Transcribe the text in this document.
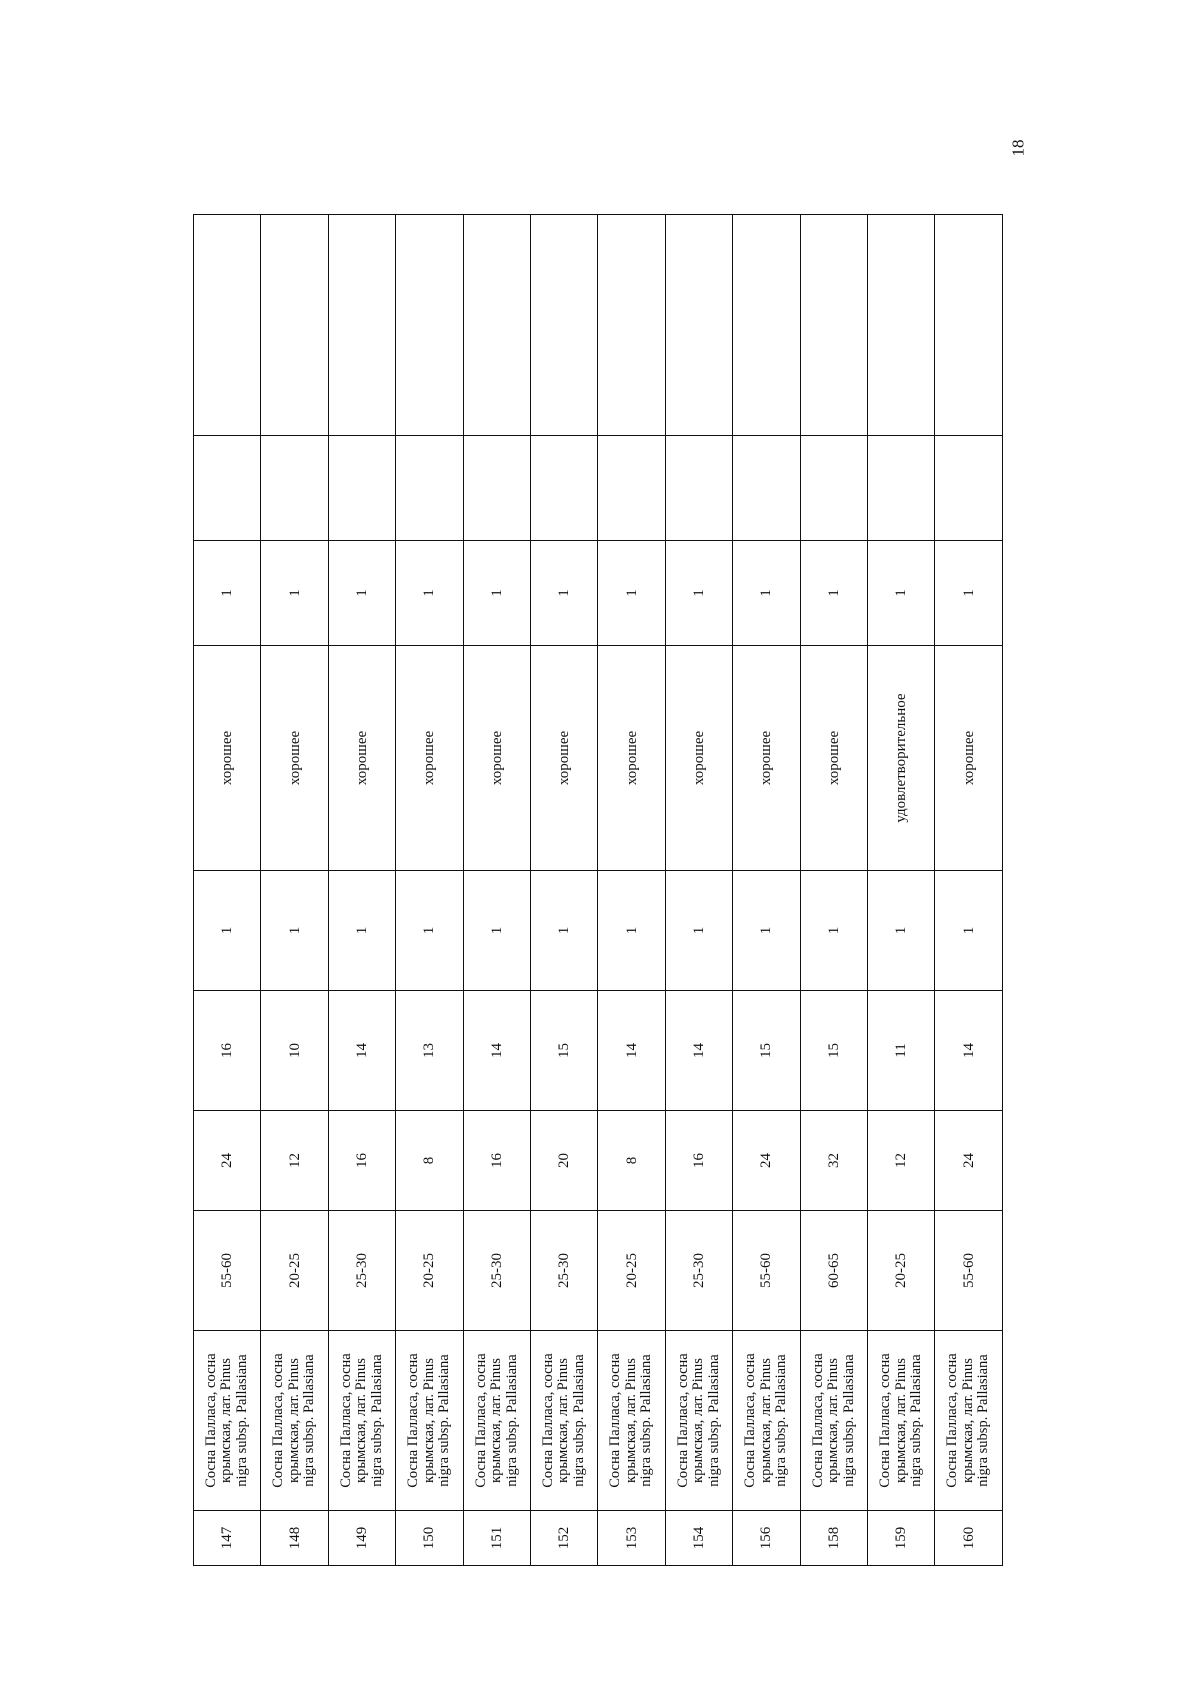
18
147	Сосна Палласа, сосна крымская, лат. Pinus nigra subsp. Pallasiana	55-60	24	16	1	хорошее	1		
148	Сосна Палласа, сосна крымская, лат. Pinus nigra subsp. Pallasiana	20-25	12	10	1	хорошее	1		
149	Сосна Палласа, сосна крымская, лат. Pinus nigra subsp. Pallasiana	25-30	16	14	1	хорошее	1		
150	Сосна Палласа, сосна крымская, лат. Pinus nigra subsp. Pallasiana	20-25	8	13	1	хорошее	1		
151	Сосна Палласа, сосна крымская, лат. Pinus nigra subsp. Pallasiana	25-30	16	14	1	хорошее	1		
152	Сосна Палласа, сосна крымская, лат. Pinus nigra subsp. Pallasiana	25-30	20	15	1	хорошее	1		
153	Сосна Палласа, сосна крымская, лат. Pinus nigra subsp. Pallasiana	20-25	8	14	1	хорошее	1		
154	Сосна Палласа, сосна крымская, лат. Pinus nigra subsp. Pallasiana	25-30	16	14	1	хорошее	1		
156	Сосна Палласа, сосна крымская, лат. Pinus nigra subsp. Pallasiana	55-60	24	15	1	хорошее	1		
158	Сосна Палласа, сосна крымская, лат. Pinus nigra subsp. Pallasiana	60-65	32	15	1	хорошее	1		
159	Сосна Палласа, сосна крымская, лат. Pinus nigra subsp. Pallasiana	20-25	12	11	1	удовлетворительное	1		
160	Сосна Палласа, сосна крымская, лат. Pinus nigra subsp. Pallasiana	55-60	24	14	1	хорошее	1		
